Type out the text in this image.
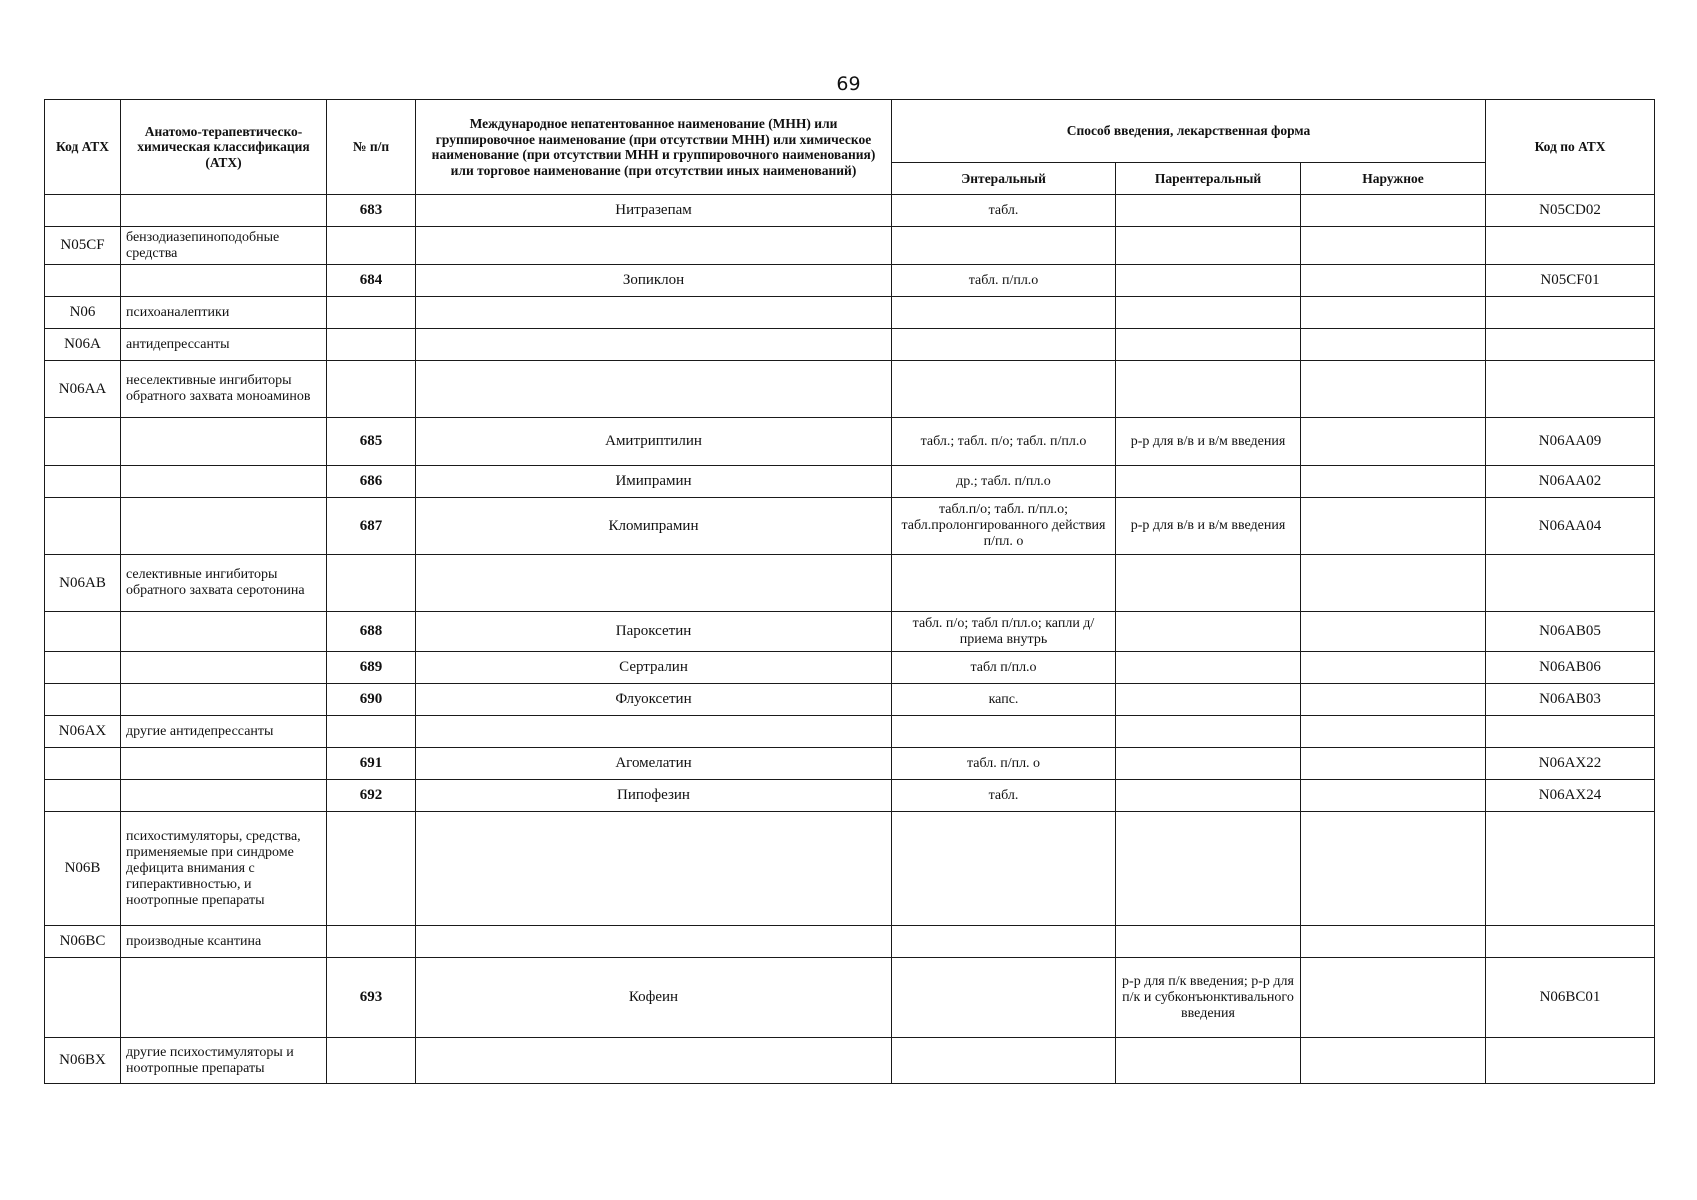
69
Код АТХ	Анатомо-терапевтическо-химическая классификация (АТХ)	№ п/п	Международное непатентованное наименование (МНН) или группировочное наименование (при отсутствии МНН) или химическое наименование (при отсутствии МНН и группировочного наименования) или торговое наименование (при отсутствии иных наименований)	Способ введения, лекарственная форма			Код по АТХ
				Энтеральный	Парентеральный	Наружное	
		683	Нитразепам	табл.			N05CD02
N05CF	бензодиазепиноподобные средства						
		684	Зопиклон	табл. п/пл.о			N05CF01
N06	психоаналептики						
N06A	антидепрессанты						
N06AA	неселективные ингибиторы обратного захвата моноаминов						
		685	Амитриптилин	табл.; табл. п/о; табл. п/пл.о	р-р для в/в и в/м введения		N06AA09
		686	Имипрамин	др.; табл. п/пл.о			N06AA02
		687	Кломипрамин	табл.п/о; табл. п/пл.о; табл.пролонгированного действия п/пл. о	р-р для в/в и в/м введения		N06AA04
N06AB	селективные ингибиторы обратного захвата серотонина						
		688	Пароксетин	табл. п/о; табл п/пл.о; капли д/приема внутрь			N06AB05
		689	Сертралин	табл п/пл.о			N06AB06
		690	Флуоксетин	капс.			N06AB03
N06AX	другие антидепрессанты						
		691	Агомелатин	табл. п/пл. о			N06AX22
		692	Пипофезин	табл.			N06AX24
N06B	психостимуляторы, средства, применяемые при синдроме дефицита внимания с гиперактивностью, и ноотропные препараты						
N06BC	производные ксантина						
		693	Кофеин		р-р для п/к введения; р-р для п/к и субконъюнктивального введения		N06BC01
N06BX	другие психостимуляторы и ноотропные препараты						
